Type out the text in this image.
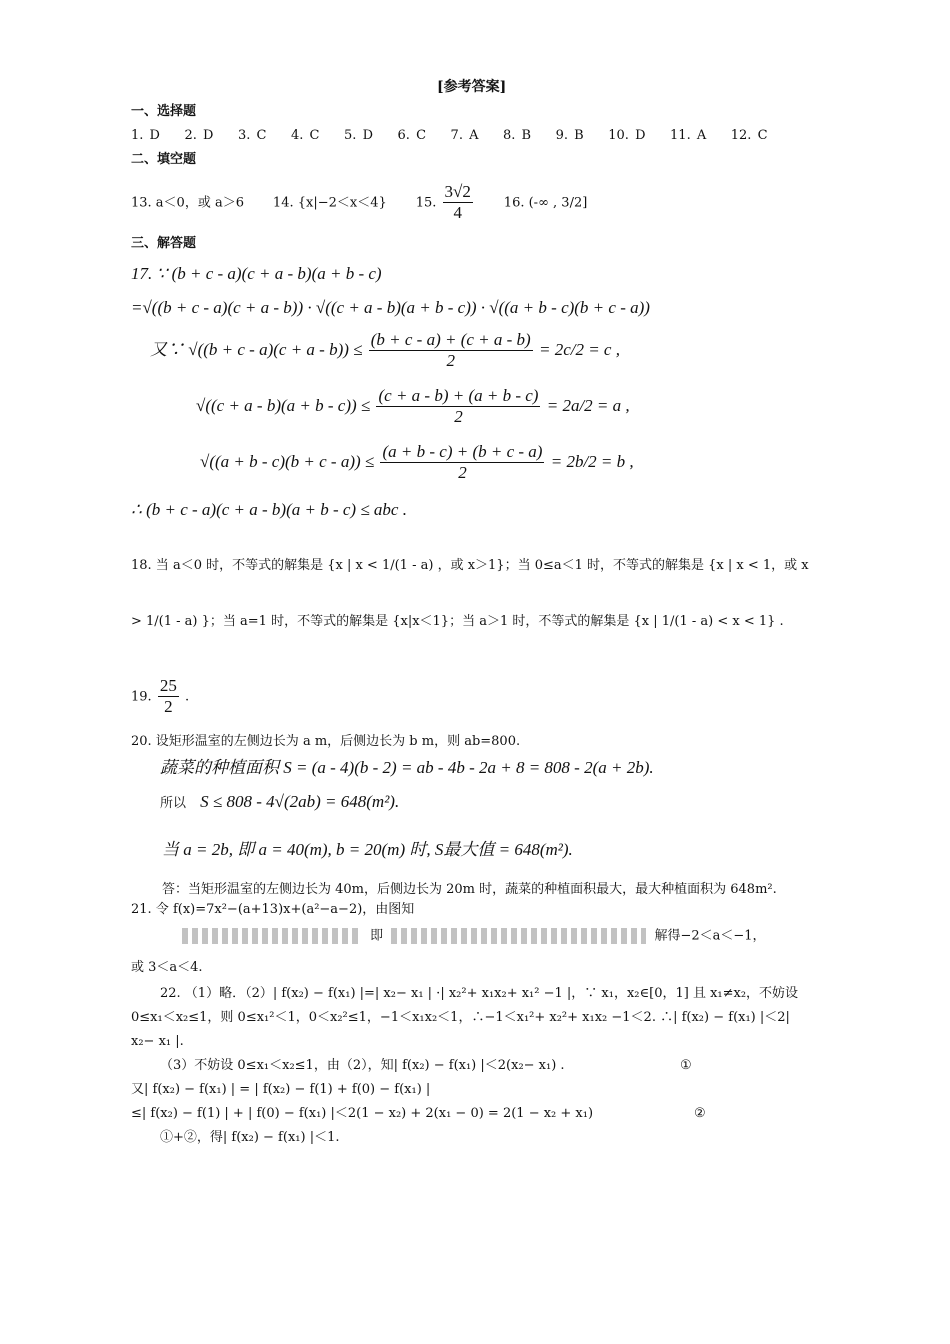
[参考答案]
一、选择题
1. D 2. D 3. C 4. C 5. D 6. C 7. A 8. B 9. B 10. D 11. A 12. C
二、填空题
13. a＜0，或 a＞6 14. {x|−2＜x＜4} 15. $\frac{3√2}{4} 16$. (-∞ , 3/2]
三、解答题
17. ∵ (b + c - a)(c + a - b)(a + b - c)
=√((b + c - a)(c + a - b)) · √((c + a - b)(a + b - c)) · √((a + b - c)(b + c - a))
又∵ $√((b + c - a)(c + a - b)) \le \frac{(b + c - a) + (c + a - b)}{2} = 2c/2 = c$ ,
$√((c + a - b)(a + b - c)) \le \frac{(c + a - b) + (a + b - c)}{2} = 2a/2 = a$ ,
$√((a + b - c)(b + c - a)) \le \frac{(a + b - c) + (b + c - a)}{2} = 2b/2 = b$ ,
∴ (b + c - a)(c + a - b)(a + b - c) ≤ abc .
18. 当 a＜0 时，不等式的解集是 {x | x < 1/(1 - a) ，或 x＞1}；当 0≤a＜1 时，不等式的解集是 {x | x < 1，或 x
> 1/(1 - a) }；当 a=1 时，不等式的解集是 {x|x＜1}；当 a＞1 时，不等式的解集是 {x | 1/(1 - a) < x < 1} .
19. $\frac{25}{2}$ .
20. 设矩形温室的左侧边长为 a m，后侧边长为 b m，则 ab=800.
蔬菜的种植面积 S = (a - 4)(b - 2) = ab - 4b - 2a + 8 = 808 - 2(a + 2b).
所以 S ≤ 808 - 4√(2ab) = 648(m²).
当 a = 2b, 即 a = 40(m), b = 20(m) 时, S最大值 = 648(m²).
答：当矩形温室的左侧边长为 40m，后侧边长为 20m 时，蔬菜的种植面积最大，最大种植面积为 648m².
21. 令 f(x)=7x²−(a+13)x+(a²−a−2)，由图知
即	解得−2＜a＜−1，
或 3＜a＜4.
22. （1）略．（2）| f(x₂) − f(x₁) |=| x₂− x₁ | ·| x₂²+ x₁x₂+ x₁² −1 |，∵ x₁，x₂∈[0，1] 且 x₁≠x₂，不妨设
0≤x₁＜x₂≤1，则 0≤x₁²＜1，0＜x₂²≤1，−1＜x₁x₂＜1，∴−1＜x₁²+ x₂²+ x₁x₂ −1＜2. ∴| f(x₂) − f(x₁) |＜2|
x₂− x₁ |.
（3）不妨设 0≤x₁＜x₂≤1，由（2），知| f(x₂) − f(x₁) |＜2(x₂− x₁) .	①
又| f(x₂) − f(x₁) | = | f(x₂) − f(1) + f(0) − f(x₁) |
≤| f(x₂) − f(1) | + | f(0) − f(x₁) |＜2(1 − x₂) + 2(x₁ − 0) = 2(1 − x₂ + x₁)	②
①+②，得| f(x₂) − f(x₁) |＜1.
